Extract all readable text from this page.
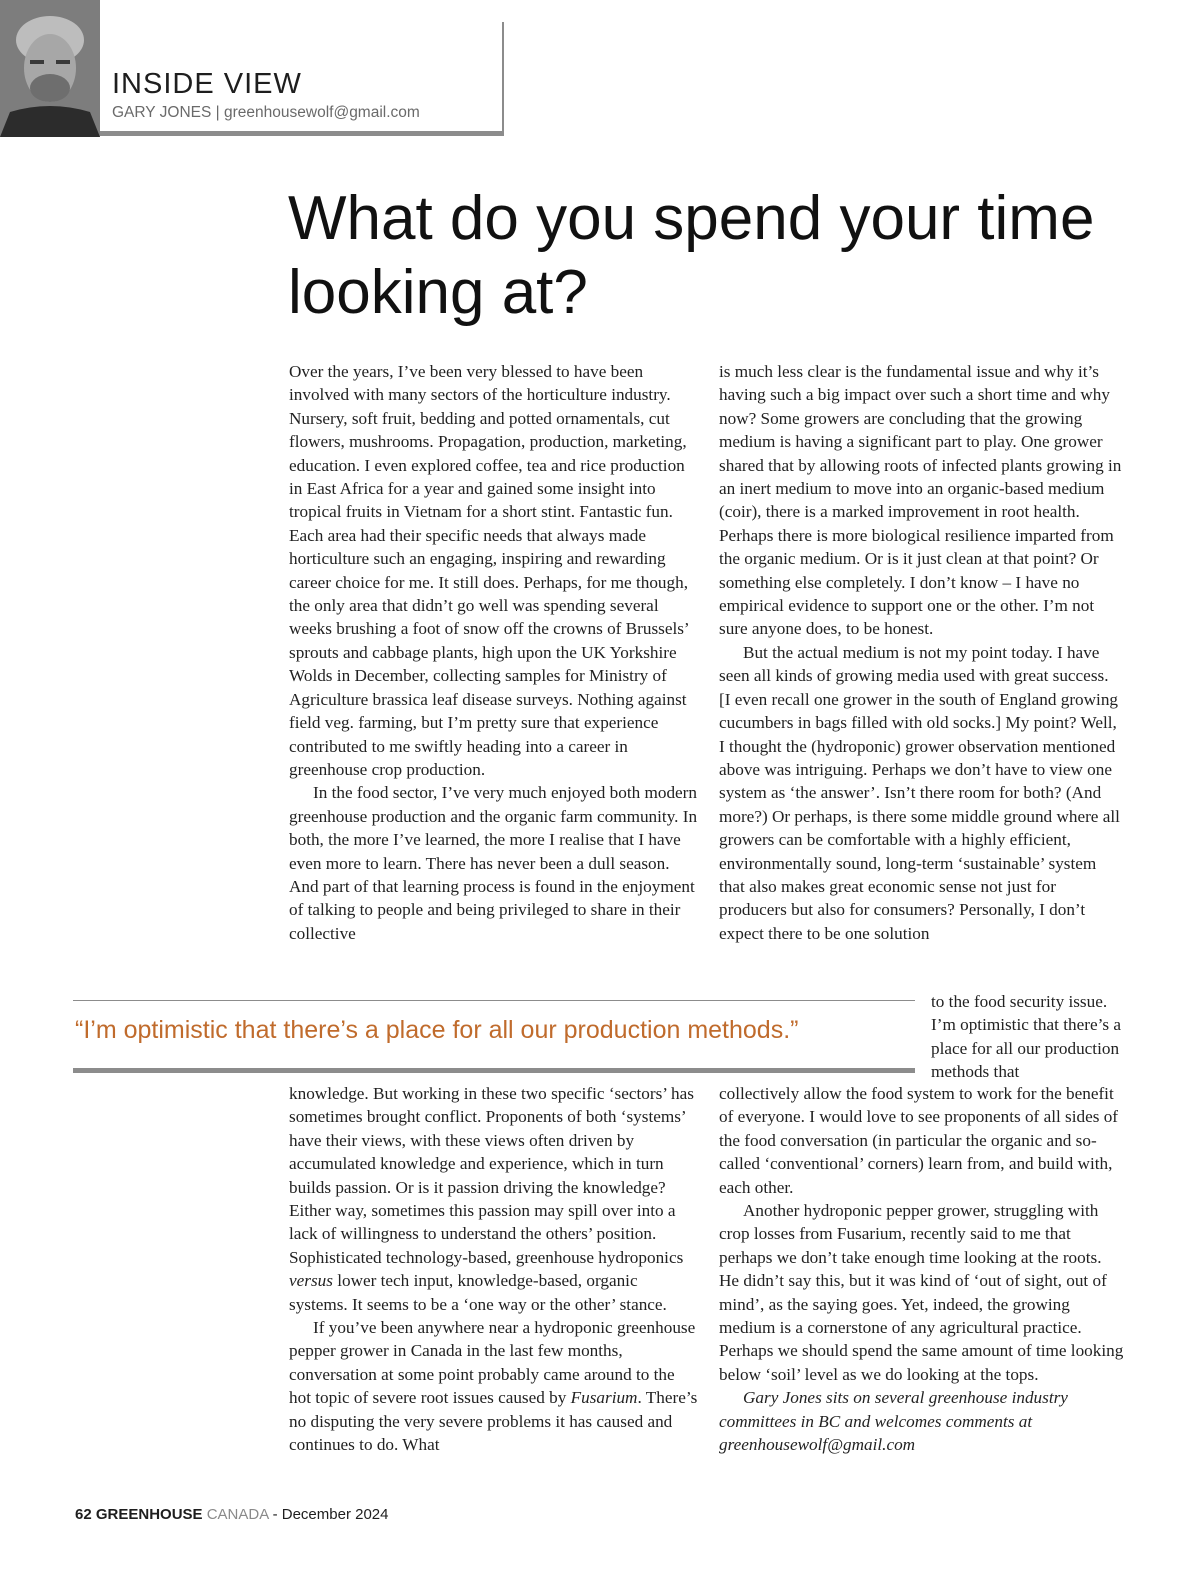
INSIDE VIEW
GARY JONES | greenhousewolf@gmail.com
What do you spend your time looking at?

Over the years, I’ve been very blessed to have been involved with many sectors of the horticulture industry. Nursery, soft fruit, bedding and potted ornamentals, cut flowers, mushrooms. Propagation, production, marketing, education. I even explored coffee, tea and rice production in East Africa for a year and gained some insight into tropical fruits in Vietnam for a short stint. Fantastic fun. Each area had their specific needs that always made horticulture such an engaging, inspiring and rewarding career choice for me. It still does. Perhaps, for me though, the only area that didn’t go well was spending several weeks brushing a foot of snow off the crowns of Brussels’ sprouts and cabbage plants, high upon the UK Yorkshire Wolds in December, collecting samples for Ministry of Agriculture brassica leaf disease surveys. Nothing against field veg. farming, but I’m pretty sure that experience contributed to me swiftly heading into a career in greenhouse crop production.

In the food sector, I’ve very much enjoyed both modern greenhouse production and the organic farm community. In both, the more I’ve learned, the more I realise that I have even more to learn. There has never been a dull season. And part of that learning process is found in the enjoyment of talking to people and being privileged to share in their collective

is much less clear is the fundamental issue and why it’s having such a big impact over such a short time and why now? Some growers are concluding that the growing medium is having a significant part to play. One grower shared that by allowing roots of infected plants growing in an inert medium to move into an organic-based medium (coir), there is a marked improvement in root health. Perhaps there is more biological resilience imparted from the organic medium. Or is it just clean at that point? Or something else completely. I don’t know – I have no empirical evidence to support one or the other. I’m not sure anyone does, to be honest.

But the actual medium is not my point today. I have seen all kinds of growing media used with great success. [I even recall one grower in the south of England growing cucumbers in bags filled with old socks.] My point? Well, I thought the (hydroponic) grower observation mentioned above was intriguing. Perhaps we don’t have to view one system as ‘the answer’. Isn’t there room for both? (And more?) Or perhaps, is there some middle ground where all growers can be comfortable with a highly efficient, environmentally sound, long-term ‘sustainable’ system that also makes great economic sense not just for producers but also for consumers? Personally, I don’t expect there to be one solution

“I’m optimistic that there’s a place for all our production methods.”

to the food security issue. I’m optimistic that there’s a place for all our production methods that

knowledge. But working in these two specific ‘sectors’ has sometimes brought conflict. Proponents of both ‘systems’ have their views, with these views often driven by accumulated knowledge and experience, which in turn builds passion. Or is it passion driving the knowledge? Either way, sometimes this passion may spill over into a lack of willingness to understand the others’ position. Sophisticated technology-based, greenhouse hydroponics versus lower tech input, knowledge-based, organic systems. It seems to be a ‘one way or the other’ stance.

If you’ve been anywhere near a hydroponic greenhouse pepper grower in Canada in the last few months, conversation at some point probably came around to the hot topic of severe root issues caused by Fusarium. There’s no disputing the very severe problems it has caused and continues to do. What

collectively allow the food system to work for the benefit of everyone. I would love to see proponents of all sides of the food conversation (in particular the organic and so-called ‘conventional’ corners) learn from, and build with, each other.

Another hydroponic pepper grower, struggling with crop losses from Fusarium, recently said to me that perhaps we don’t take enough time looking at the roots. He didn’t say this, but it was kind of ‘out of sight, out of mind’, as the saying goes. Yet, indeed, the growing medium is a cornerstone of any agricultural practice. Perhaps we should spend the same amount of time looking below ‘soil’ level as we do looking at the tops.

Gary Jones sits on several greenhouse industry committees in BC and welcomes comments at greenhousewolf@gmail.com

62 GREENHOUSE CANADA - December 2024
